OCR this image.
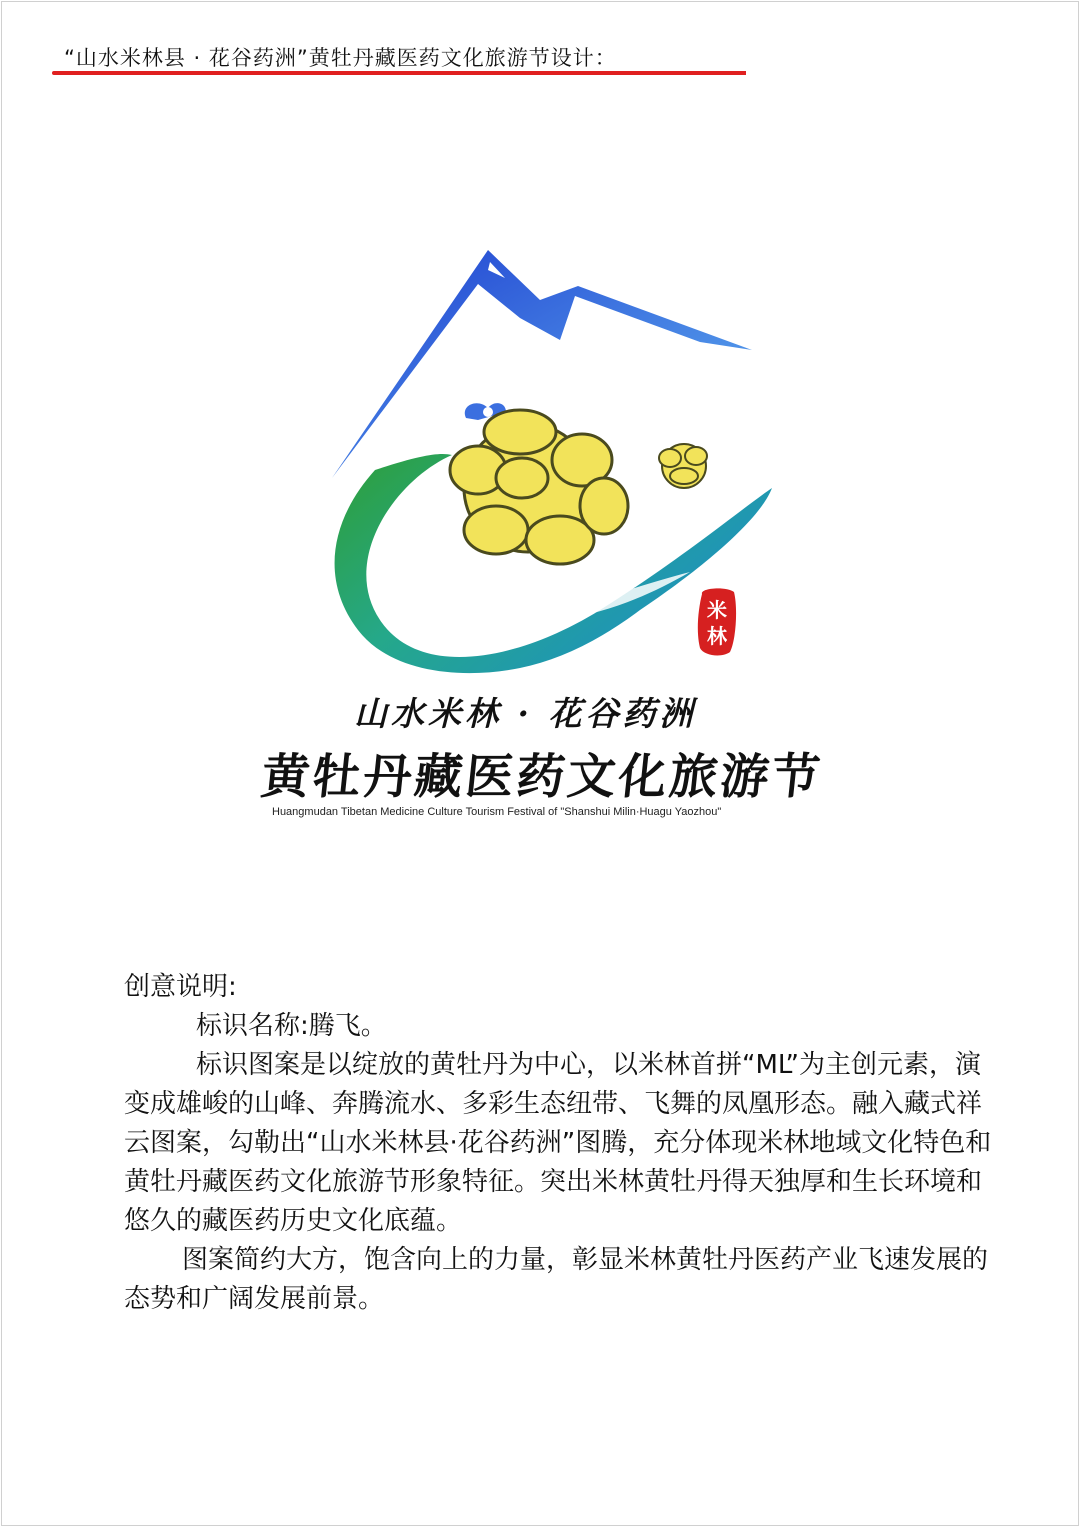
“山水米林县 · 花谷药洲”黄牡丹藏医药文化旅游节设计：
米林
山水米林 · 花谷药洲
黄牡丹藏医药文化旅游节
Huangmudan Tibetan Medicine Culture Tourism Festival of "Shanshui Milin·Huagu Yaozhou"

创意说明:

标识名称:腾飞。

标识图案是以绽放的黄牡丹为中心，以米林首拼“ML”为主创元素，演变成雄峻的山峰、奔腾流水、多彩生态纽带、飞舞的凤凰形态。融入藏式祥云图案，勾勒出“山水米林县·花谷药洲”图腾，充分体现米林地域文化特色和黄牡丹藏医药文化旅游节形象特征。突出米林黄牡丹得天独厚和生长环境和悠久的藏医药历史文化底蕴。

图案简约大方，饱含向上的力量，彰显米林黄牡丹医药产业飞速发展的态势和广阔发展前景。
